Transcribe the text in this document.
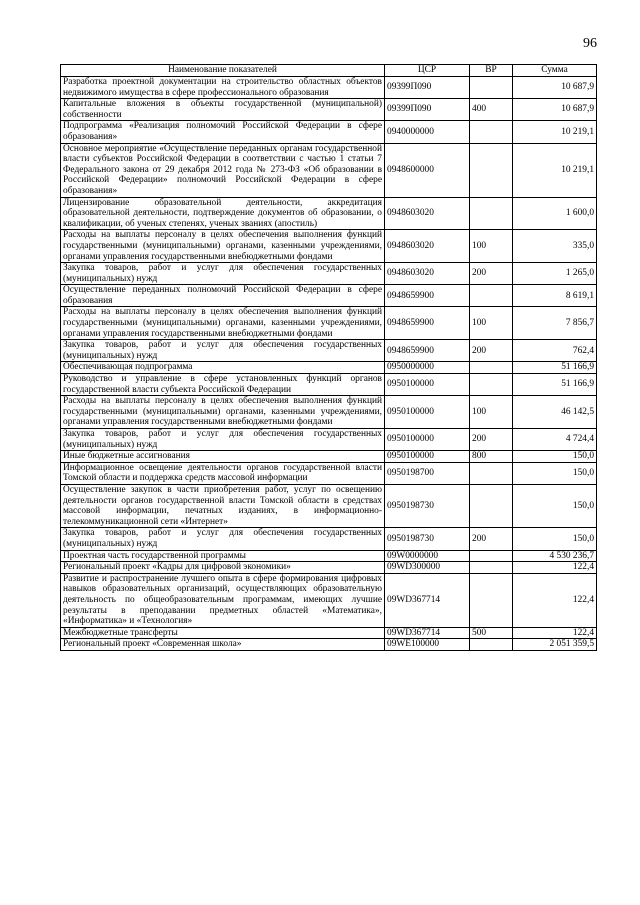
96
Наименование показателей	ЦСР	ВР	Сумма
Разработка проектной документации на строительство областных объектов недвижимого имущества в сфере профессионального образования	09399П090		10 687,9
Капитальные вложения в объекты государственной (муниципальной) собственности	09399П090	400	10 687,9
Подпрограмма «Реализация полномочий Российской Федерации в сфере образования»	0940000000		10 219,1
Основное мероприятие «Осуществление переданных органам государственной власти субъектов Российской Федерации в соответствии с частью 1 статьи 7 Федерального закона от 29 декабря 2012 года № 273-ФЗ «Об образовании в Российской Федерации» полномочий Российской Федерации в сфере образования»	0948600000		10 219,1
Лицензирование образовательной деятельности, аккредитация образовательной деятельности, подтверждение документов об образовании, о квалификации, об ученых степенях, ученых званиях (апостиль)	0948603020		1 600,0
Расходы на выплаты персоналу в целях обеспечения выполнения функций государственными (муниципальными) органами, казенными учреждениями, органами управления государственными внебюджетными фондами	0948603020	100	335,0
Закупка товаров, работ и услуг для обеспечения государственных (муниципальных) нужд	0948603020	200	1 265,0
Осуществление переданных полномочий Российской Федерации в сфере образования	0948659900		8 619,1
Расходы на выплаты персоналу в целях обеспечения выполнения функций государственными (муниципальными) органами, казенными учреждениями, органами управления государственными внебюджетными фондами	0948659900	100	7 856,7
Закупка товаров, работ и услуг для обеспечения государственных (муниципальных) нужд	0948659900	200	762,4
Обеспечивающая подпрограмма	0950000000		51 166,9
Руководство и управление в сфере установленных функций органов государственной власти субъекта Российской Федерации	0950100000		51 166,9
Расходы на выплаты персоналу в целях обеспечения выполнения функций государственными (муниципальными) органами, казенными учреждениями, органами управления государственными внебюджетными фондами	0950100000	100	46 142,5
Закупка товаров, работ и услуг для обеспечения государственных (муниципальных) нужд	0950100000	200	4 724,4
Иные бюджетные ассигнования	0950100000	800	150,0
Информационное освещение деятельности органов государственной власти Томской области и поддержка средств массовой информации	0950198700		150,0
Осуществление закупок в части приобретения работ, услуг по освещению деятельности органов государственной власти Томской области в средствах массовой информации, печатных изданиях, в информационно-телекоммуникационной сети «Интернет»	0950198730		150,0
Закупка товаров, работ и услуг для обеспечения государственных (муниципальных) нужд	0950198730	200	150,0
Проектная часть государственной программы	09W0000000		4 530 236,7
Региональный проект «Кадры для цифровой экономики»	09WD300000		122,4
Развитие и распространение лучшего опыта в сфере формирования цифровых навыков образовательных организаций, осуществляющих образовательную деятельность по общеобразовательным программам, имеющих лучшие результаты в преподавании предметных областей «Математика», «Информатика» и «Технология»	09WD367714		122,4
Межбюджетные трансферты	09WD367714	500	122,4
Региональный проект «Современная школа»	09WE100000		2 051 359,5
